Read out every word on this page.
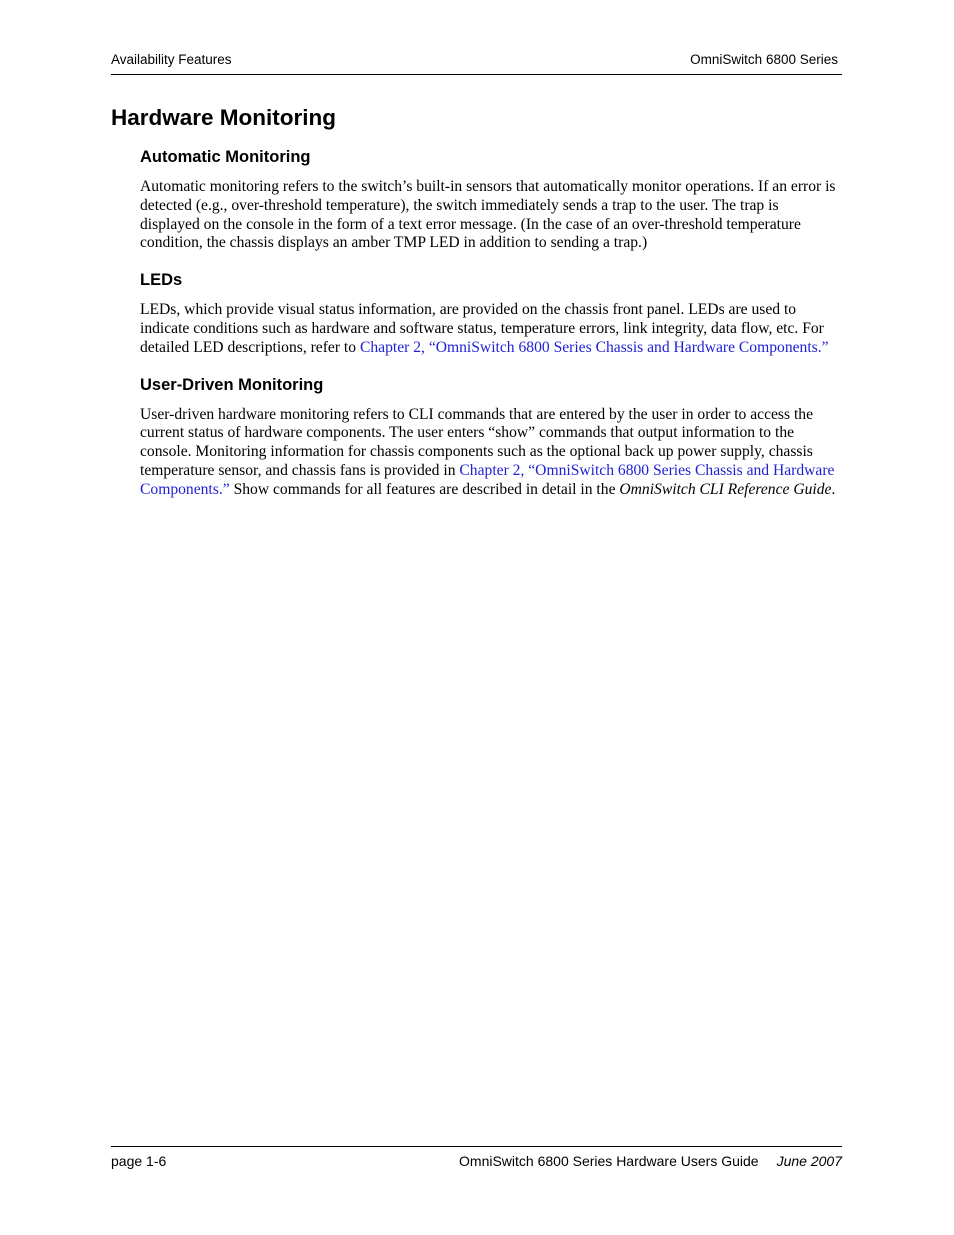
Availability Features	OmniSwitch 6800 Series
Hardware Monitoring
Automatic Monitoring

Automatic monitoring refers to the switch’s built-in sensors that automatically monitor operations. If an error is detected (e.g., over-threshold temperature), the switch immediately sends a trap to the user. The trap is displayed on the console in the form of a text error message. (In the case of an over-threshold temperature condition, the chassis displays an amber TMP LED in addition to sending a trap.)

LEDs

LEDs, which provide visual status information, are provided on the chassis front panel. LEDs are used to indicate conditions such as hardware and software status, temperature errors, link integrity, data flow, etc. For detailed LED descriptions, refer to Chapter 2, “OmniSwitch 6800 Series Chassis and Hardware Components.”

User-Driven Monitoring

User-driven hardware monitoring refers to CLI commands that are entered by the user in order to access the current status of hardware components. The user enters “show” commands that output information to the console. Monitoring information for chassis components such as the optional back up power supply, chassis temperature sensor, and chassis fans is provided in Chapter 2, “OmniSwitch 6800 Series Chassis and Hardware Components.” Show commands for all features are described in detail in the OmniSwitch CLI Reference Guide.

page 1-6	OmniSwitch 6800 Series Hardware Users Guide June 2007
